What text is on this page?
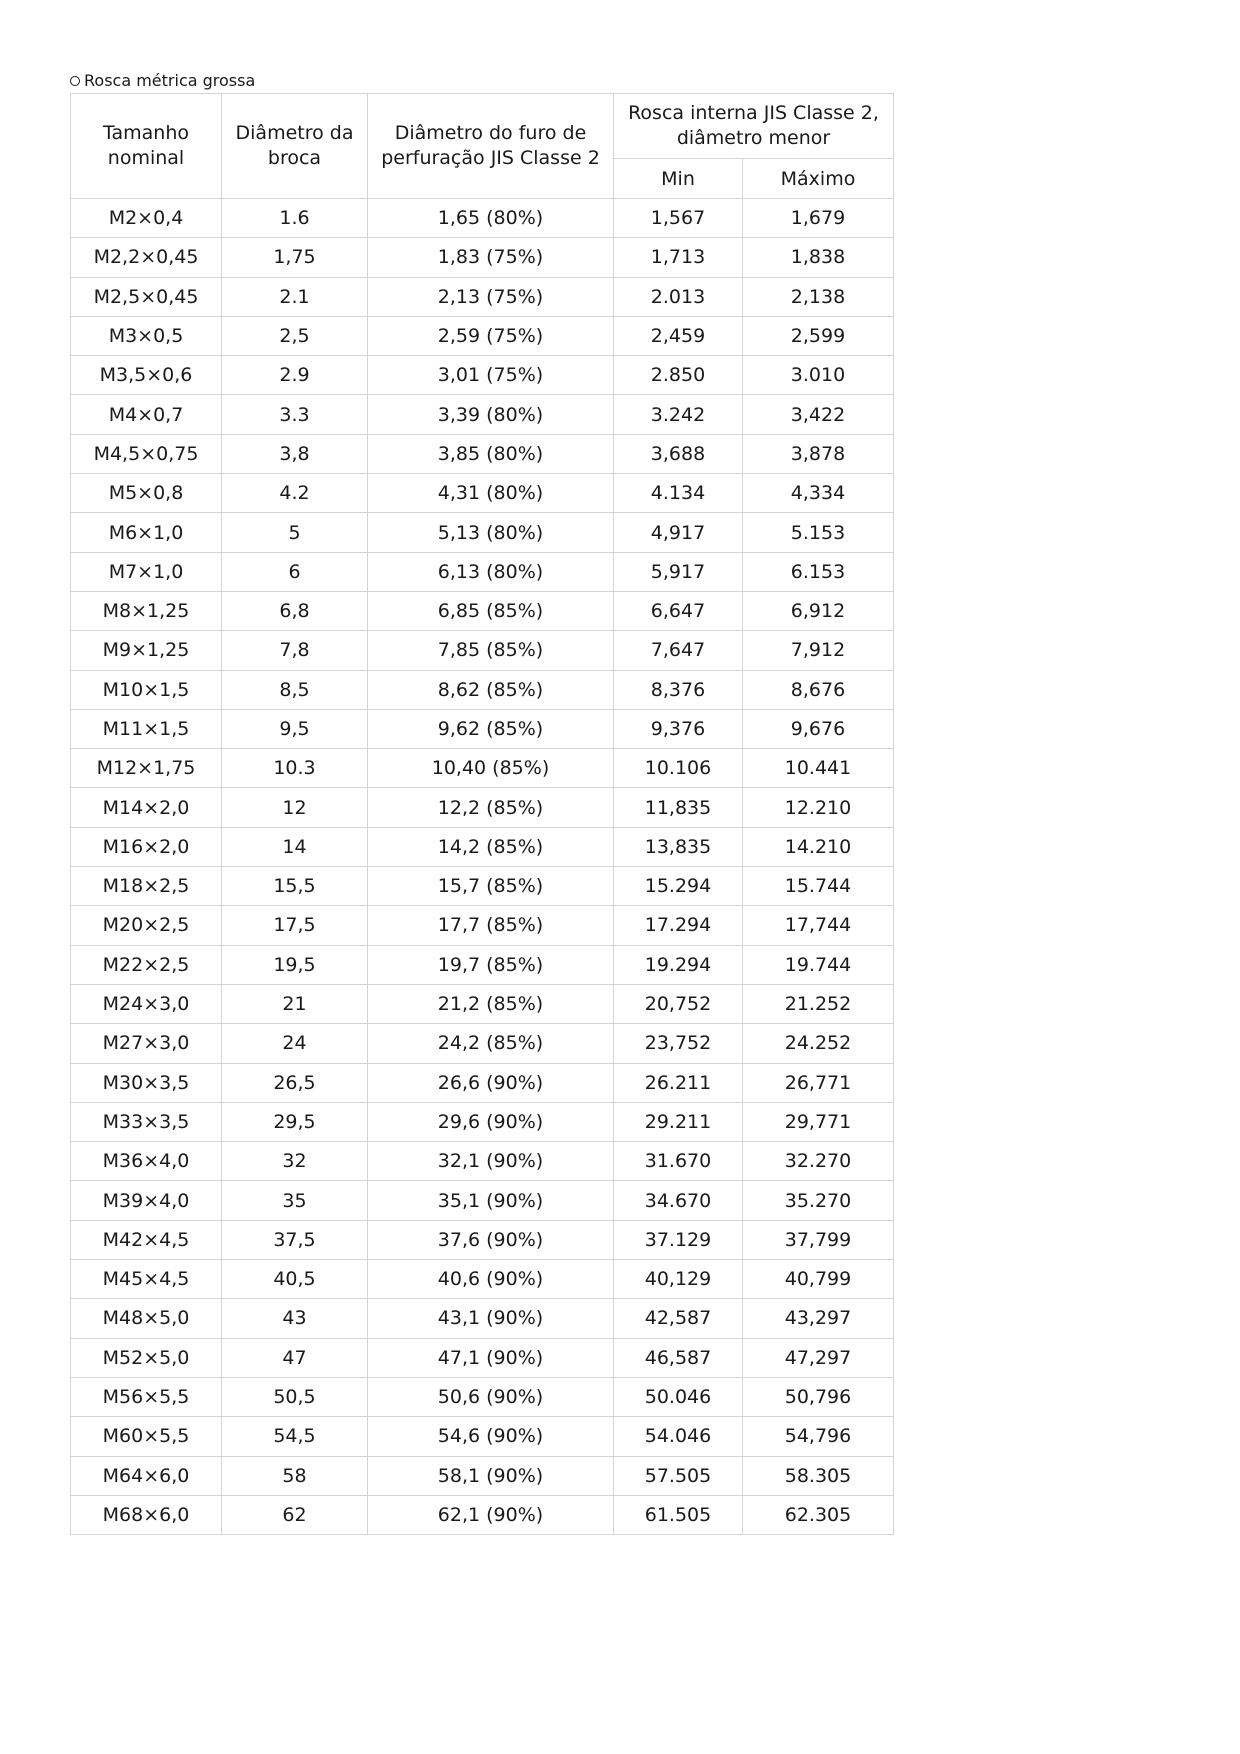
Rosca métrica grossa
Tamanho nominal	Diâmetro da broca	Diâmetro do furo de perfuração JIS Classe 2	Rosca interna JIS Classe 2, diâmetro menor	
			Min	Máximo
M2×0,4	1.6	1,65 (80%)	1,567	1,679
M2,2×0,45	1,75	1,83 (75%)	1,713	1,838
M2,5×0,45	2.1	2,13 (75%)	2.013	2,138
M3×0,5	2,5	2,59 (75%)	2,459	2,599
M3,5×0,6	2.9	3,01 (75%)	2.850	3.010
M4×0,7	3.3	3,39 (80%)	3.242	3,422
M4,5×0,75	3,8	3,85 (80%)	3,688	3,878
M5×0,8	4.2	4,31 (80%)	4.134	4,334
M6×1,0	5	5,13 (80%)	4,917	5.153
M7×1,0	6	6,13 (80%)	5,917	6.153
M8×1,25	6,8	6,85 (85%)	6,647	6,912
M9×1,25	7,8	7,85 (85%)	7,647	7,912
M10×1,5	8,5	8,62 (85%)	8,376	8,676
M11×1,5	9,5	9,62 (85%)	9,376	9,676
M12×1,75	10.3	10,40 (85%)	10.106	10.441
M14×2,0	12	12,2 (85%)	11,835	12.210
M16×2,0	14	14,2 (85%)	13,835	14.210
M18×2,5	15,5	15,7 (85%)	15.294	15.744
M20×2,5	17,5	17,7 (85%)	17.294	17,744
M22×2,5	19,5	19,7 (85%)	19.294	19.744
M24×3,0	21	21,2 (85%)	20,752	21.252
M27×3,0	24	24,2 (85%)	23,752	24.252
M30×3,5	26,5	26,6 (90%)	26.211	26,771
M33×3,5	29,5	29,6 (90%)	29.211	29,771
M36×4,0	32	32,1 (90%)	31.670	32.270
M39×4,0	35	35,1 (90%)	34.670	35.270
M42×4,5	37,5	37,6 (90%)	37.129	37,799
M45×4,5	40,5	40,6 (90%)	40,129	40,799
M48×5,0	43	43,1 (90%)	42,587	43,297
M52×5,0	47	47,1 (90%)	46,587	47,297
M56×5,5	50,5	50,6 (90%)	50.046	50,796
M60×5,5	54,5	54,6 (90%)	54.046	54,796
M64×6,0	58	58,1 (90%)	57.505	58.305
M68×6,0	62	62,1 (90%)	61.505	62.305
